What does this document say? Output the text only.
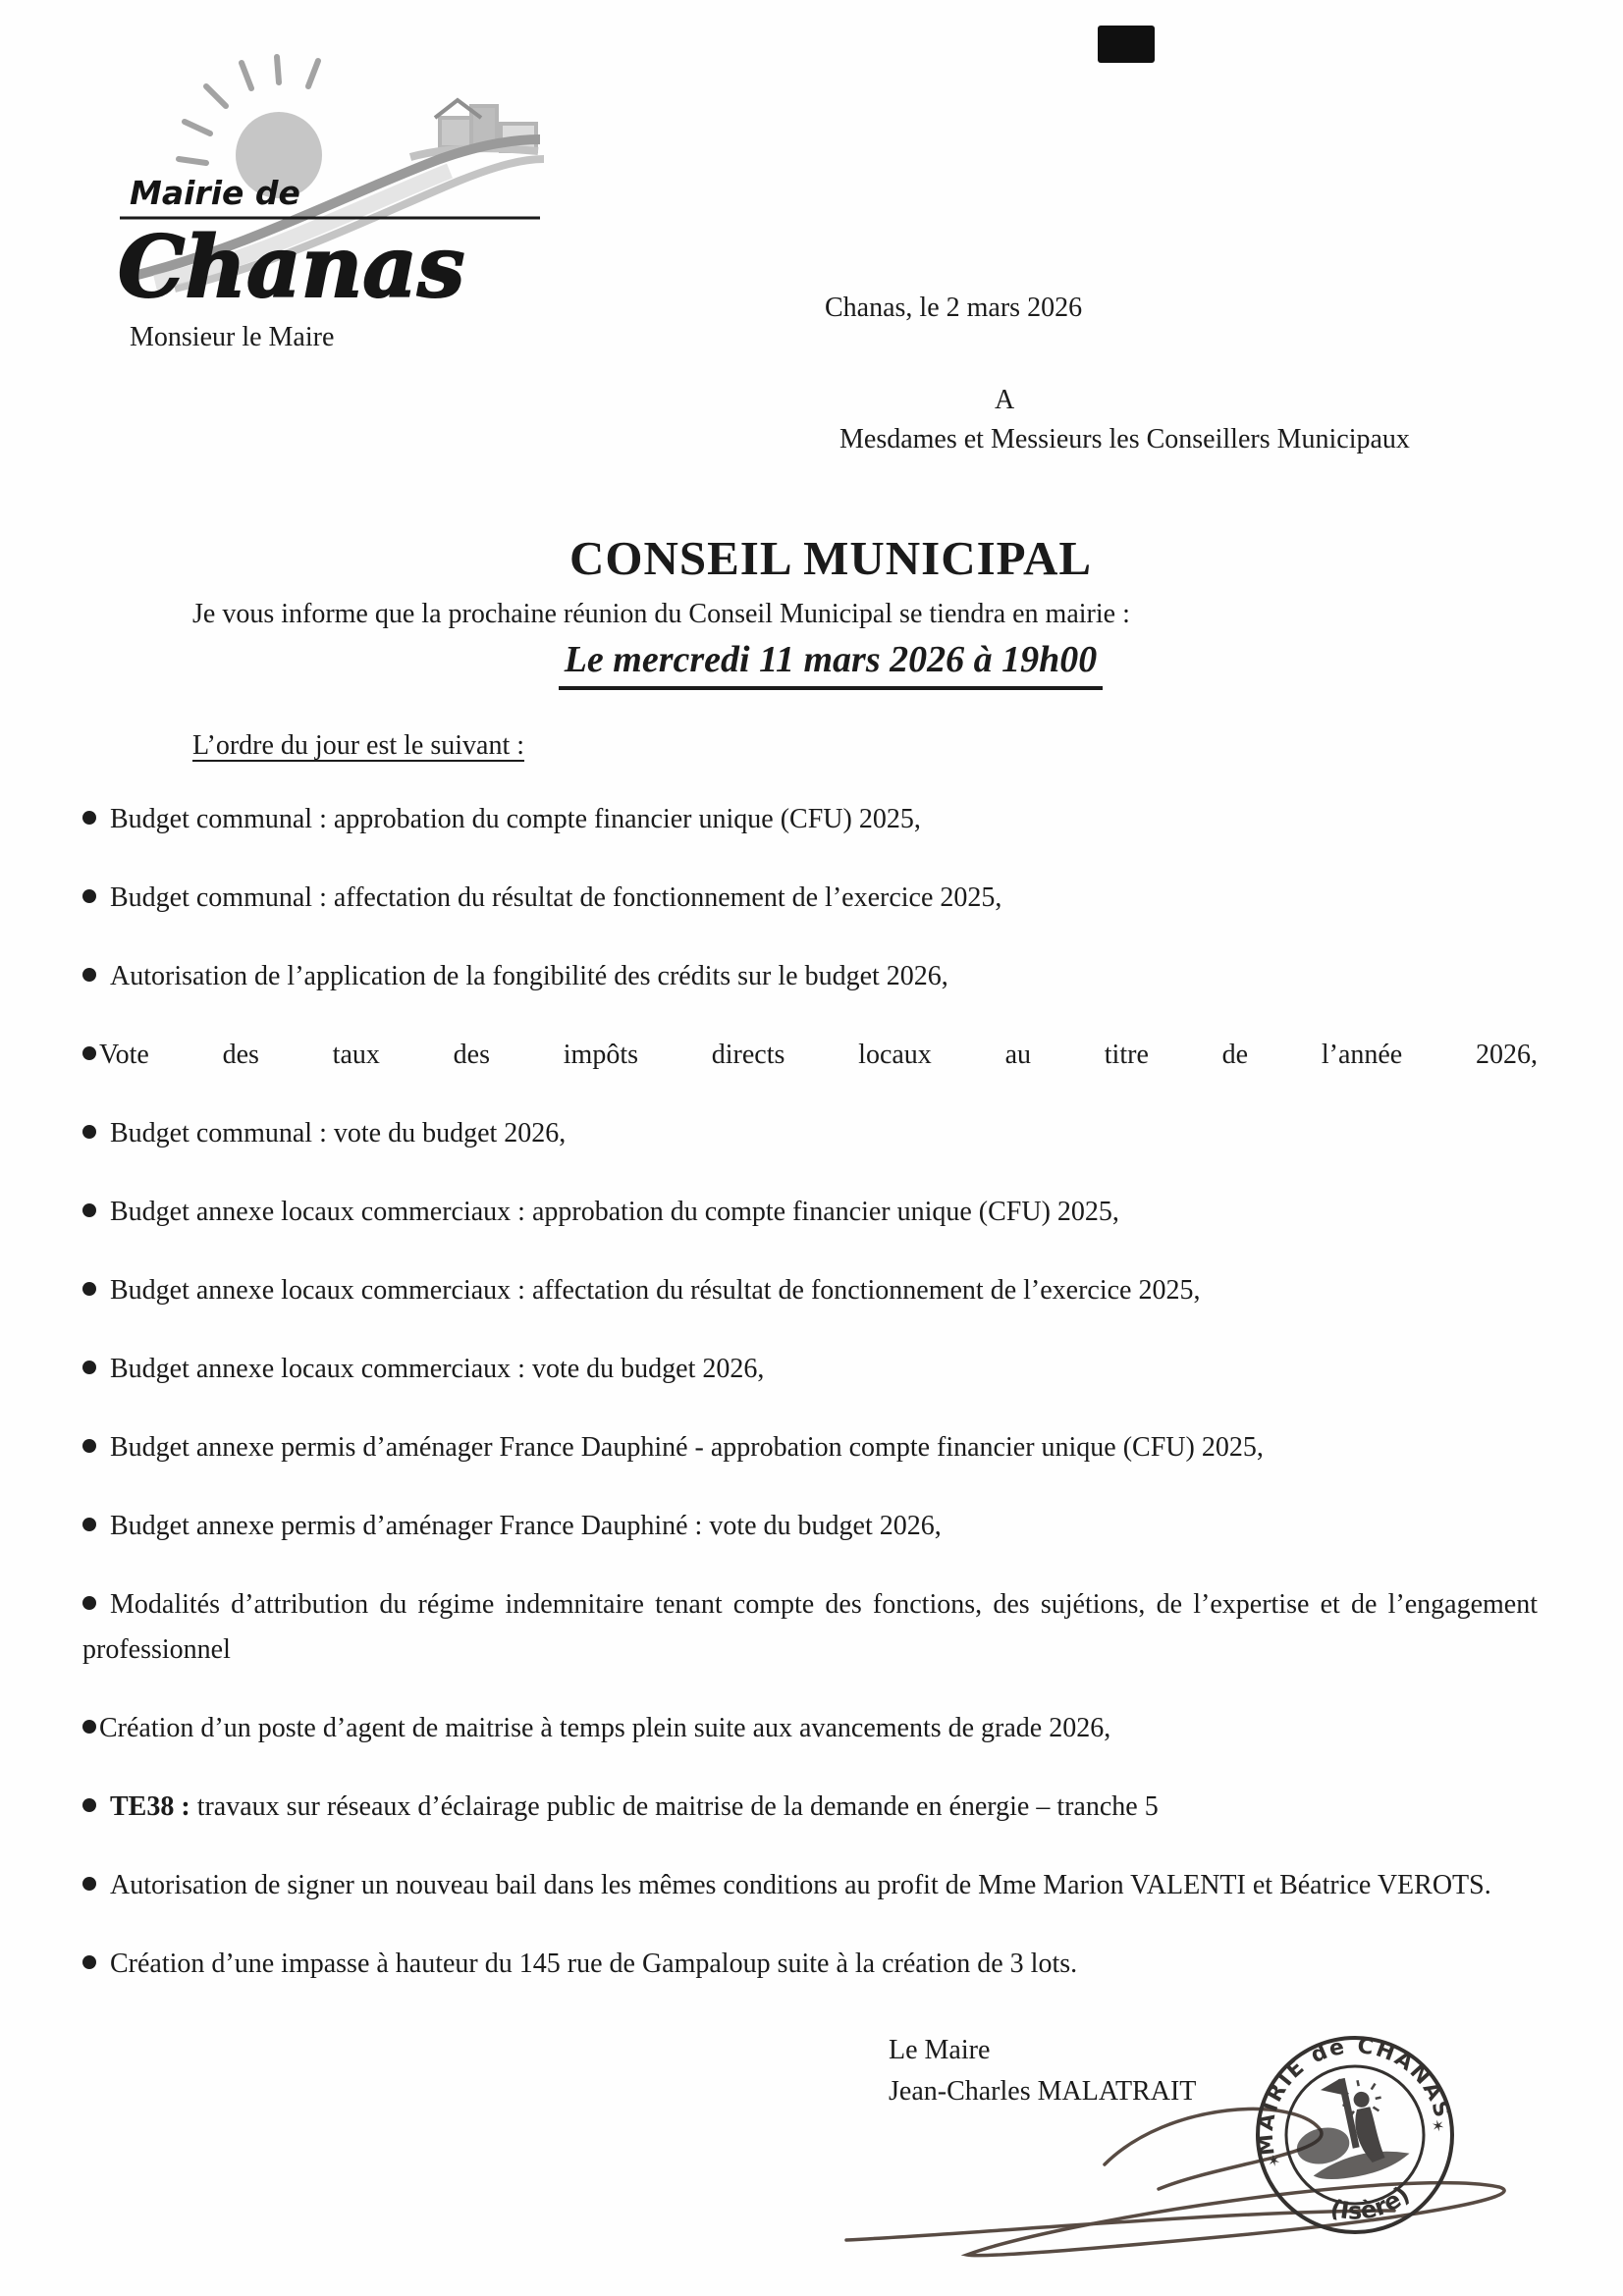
Mairie de
Chanas
Monsieur le Maire
Chanas, le 2 mars 2026
A
Mesdames et Messieurs les Conseillers Municipaux
CONSEIL MUNICIPAL
Je vous informe que la prochaine réunion du Conseil Municipal se tiendra en mairie :
Le mercredi 11 mars 2026 à 19h00
L’ordre du jour est le suivant :
Budget communal : approbation du compte financier unique (CFU) 2025,
Budget communal : affectation du résultat de fonctionnement de l’exercice 2025,
Autorisation de l’application de la fongibilité des crédits sur le budget 2026,
Vote des taux des impôts directs locaux au titre de l’année 2026,
Budget communal : vote du budget 2026,
Budget annexe locaux commerciaux : approbation du compte financier unique (CFU) 2025,
Budget annexe locaux commerciaux : affectation du résultat de fonctionnement de l’exercice 2025,
Budget annexe locaux commerciaux : vote du budget 2026,
Budget annexe permis d’aménager France Dauphiné - approbation compte financier unique (CFU) 2025,
Budget annexe permis d’aménager France Dauphiné : vote du budget 2026,
Modalités d’attribution du régime indemnitaire tenant compte des fonctions, des sujétions, de l’expertise et de l’engagement professionnel
Création d’un poste d’agent de maitrise à temps plein suite aux avancements de grade 2026,
TE38 : travaux sur réseaux d’éclairage public de maitrise de la demande en énergie – tranche 5
Autorisation de signer un nouveau bail dans les mêmes conditions au profit de Mme Marion VALENTI et Béatrice VEROTS.
Création d’une impasse à hauteur du 145 rue de Gampaloup suite à la création de 3 lots.
Le Maire
Jean-Charles MALATRAIT
MAIRIE de CHANAS
(Isère)
✶
✶
